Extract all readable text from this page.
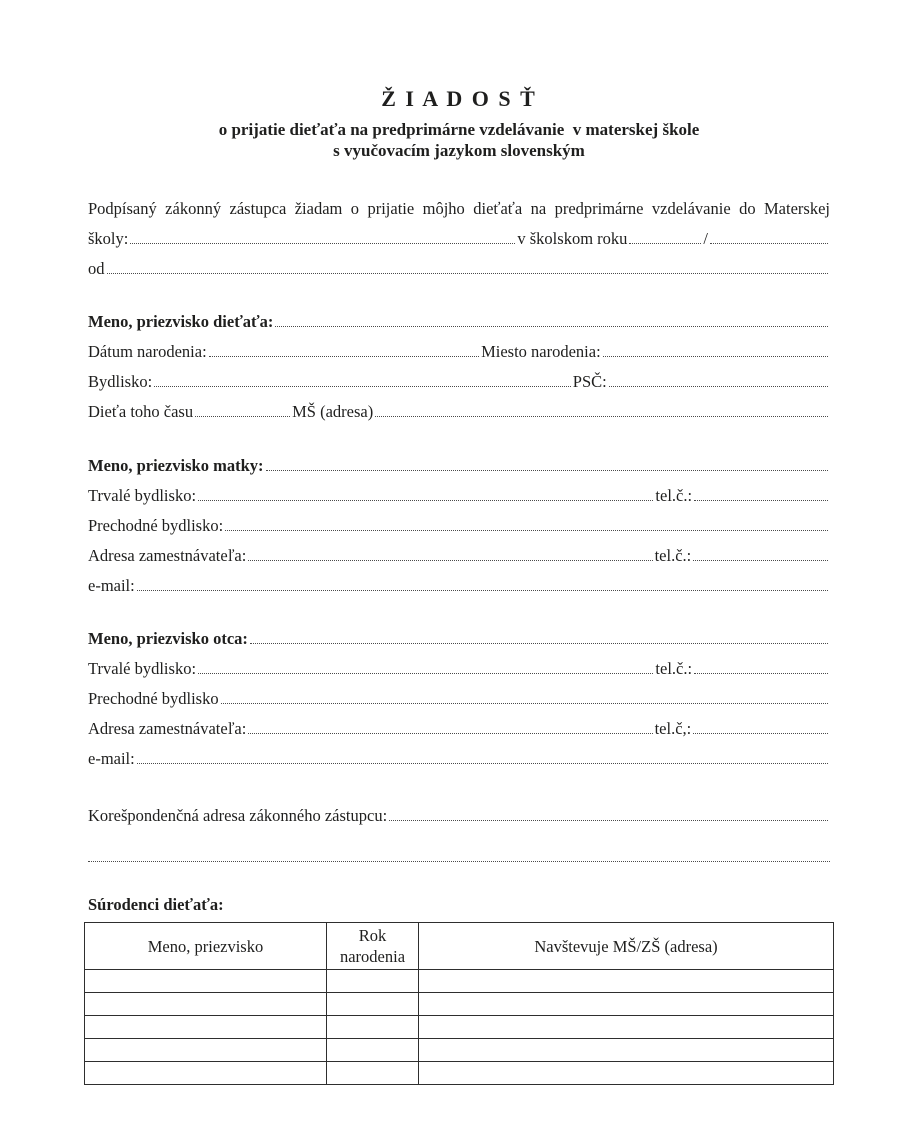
Ž I A D O S Ť
o prijatie dieťaťa na predprimárne vzdelávanie  v materskej škole
s vyučovacím jazykom slovenským
Podpísaný zákonný zástupca žiadam o prijatie môjho dieťaťa na predprimárne vzdelávanie do Materskej
školy:	v školskom roku	/
od
Meno, priezvisko dieťaťa:
Dátum narodenia:	Miesto narodenia:
Bydlisko:	PSČ:
Dieťa toho času	MŠ (adresa)
Meno, priezvisko matky:
Trvalé bydlisko:	tel.č.:
Prechodné bydlisko:
Adresa zamestnávateľa:	tel.č.:
e-mail:
Meno, priezvisko otca:
Trvalé bydlisko:	tel.č.:
Prechodné bydlisko
Adresa zamestnávateľa:	tel.č,:
e-mail:
Korešpondenčná adresa zákonného zástupcu:
Súrodenci dieťaťa:
Meno, priezvisko	Rok narodenia	Navštevuje MŠ/ZŠ (adresa)
